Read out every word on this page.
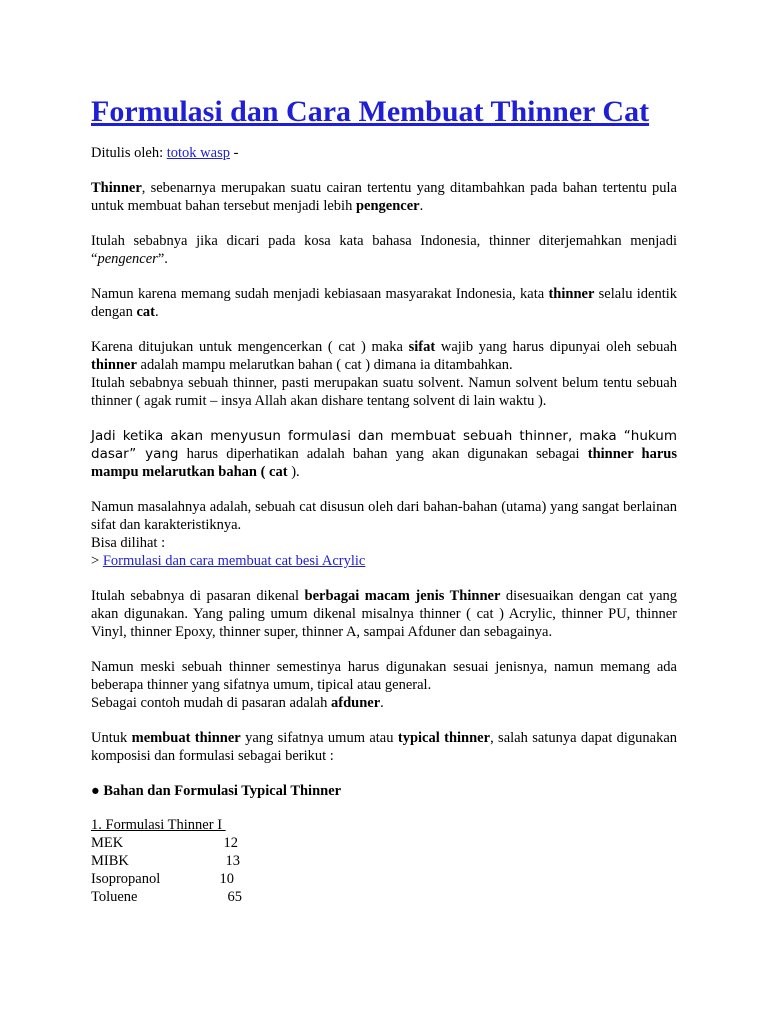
Formulasi dan Cara Membuat Thinner Cat

Ditulis oleh: totok wasp -

Thinner, sebenarnya merupakan suatu cairan tertentu yang ditambahkan pada bahan tertentu pula untuk membuat bahan tersebut menjadi lebih pengencer.

Itulah sebabnya jika dicari pada kosa kata bahasa Indonesia, thinner diterjemahkan menjadi “pengencer”.

Namun karena memang sudah menjadi kebiasaan masyarakat Indonesia, kata thinner selalu identik dengan cat.

Karena ditujukan untuk mengencerkan ( cat ) maka sifat wajib yang harus dipunyai oleh sebuah thinner adalah mampu melarutkan bahan ( cat ) dimana ia ditambahkan.
Itulah sebabnya sebuah thinner, pasti merupakan suatu solvent. Namun solvent belum tentu sebuah thinner ( agak rumit – insya Allah akan dishare tentang solvent di lain waktu ).

Jadi ketika akan menyusun formulasi dan membuat sebuah thinner, maka “hukum dasar” yang harus diperhatikan adalah bahan yang akan digunakan sebagai thinner harus mampu melarutkan bahan ( cat ).

Namun masalahnya adalah, sebuah cat disusun oleh dari bahan-bahan (utama) yang sangat berlainan sifat dan karakteristiknya.
Bisa dilihat :
> Formulasi dan cara membuat cat besi Acrylic

Itulah sebabnya di pasaran dikenal berbagai macam jenis Thinner disesuaikan dengan cat yang akan digunakan. Yang paling umum dikenal misalnya thinner ( cat ) Acrylic, thinner PU, thinner Vinyl, thinner Epoxy, thinner super, thinner A, sampai Afduner dan sebagainya.

Namun meski sebuah thinner semestinya harus digunakan sesuai jenisnya, namun memang ada beberapa thinner yang sifatnya umum, tipical atau general.
Sebagai contoh mudah di pasaran adalah afduner.

Untuk membuat thinner yang sifatnya umum atau typical thinner, salah satunya dapat digunakan komposisi dan formulasi sebagai berikut :

● Bahan dan Formulasi Typical Thinner

1. Formulasi Thinner I
MEK	12
MIBK	13
Isopropanol	10
Toluene	65
